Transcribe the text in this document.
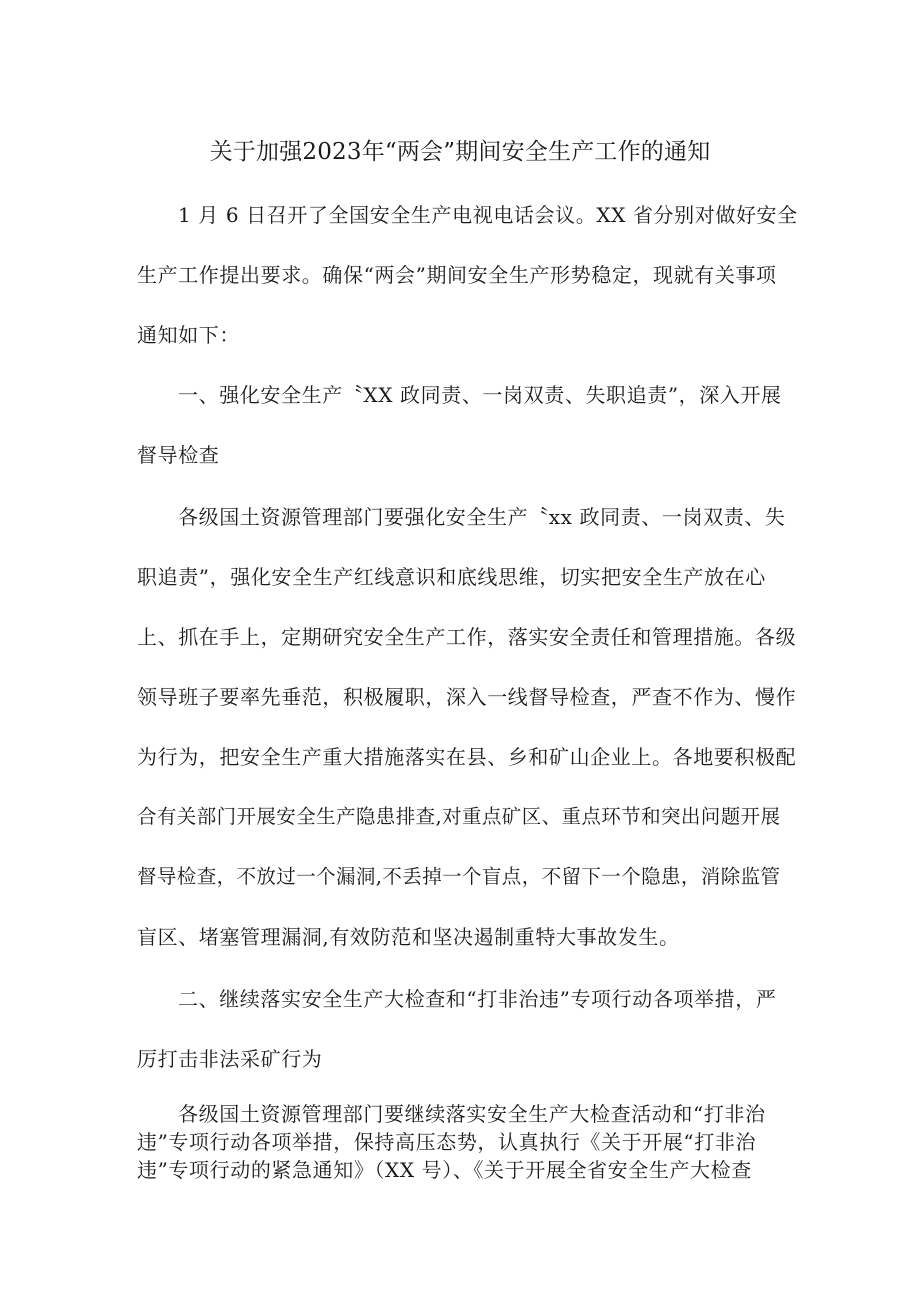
关于加强2023年“两会”期间安全生产工作的通知
1 月 6 日召开了全国安全生产电视电话会议。XX 省分别对做好安全
生产工作提出要求。确保“两会”期间安全生产形势稳定，现就有关事项
通知如下：
一、强化安全生产〝XX 政同责、一岗双责、失职追责”，深入开展
督导检查
各级国土资源管理部门要强化安全生产〝xx 政同责、一岗双责、失
职追责”，强化安全生产红线意识和底线思维，切实把安全生产放在心
上、抓在手上，定期研究安全生产工作，落实安全责任和管理措施。各级
领导班子要率先垂范，积极履职，深入一线督导检查，严查不作为、慢作
为行为，把安全生产重大措施落实在县、乡和矿山企业上。各地要积极配
合有关部门开展安全生产隐患排查,对重点矿区、重点环节和突出问题开展
督导检查，不放过一个漏洞,不丢掉一个盲点，不留下一个隐患，消除监管
盲区、堵塞管理漏洞,有效防范和坚决遏制重特大事故发生。
二、继续落实安全生产大检查和“打非治违”专项行动各项举措，严
厉打击非法采矿行为
各级国土资源管理部门要继续落实安全生产大检查活动和“打非治
违”专项行动各项举措，保持高压态势，认真执行《关于开展“打非治
违”专项行动的紧急通知》（XX 号）、《关于开展全省安全生产大检查
